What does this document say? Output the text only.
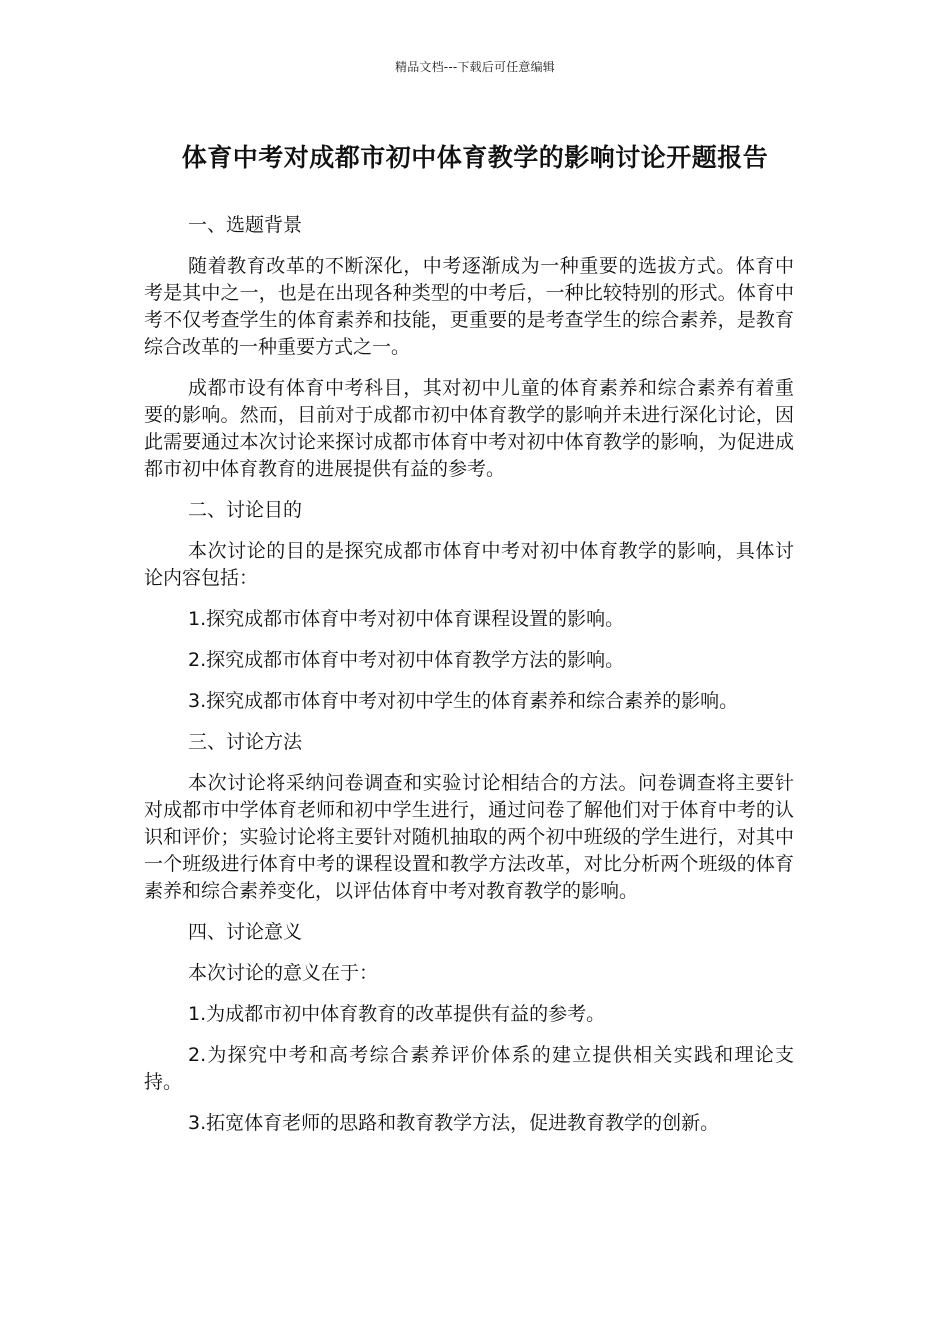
精品文档---下载后可任意编辑
体育中考对成都市初中体育教学的影响讨论开题报告

一、选题背景

随着教育改革的不断深化，中考逐渐成为一种重要的选拔方式。体育中考是其中之一，也是在出现各种类型的中考后，一种比较特别的形式。体育中考不仅考查学生的体育素养和技能，更重要的是考查学生的综合素养，是教育综合改革的一种重要方式之一。

成都市设有体育中考科目，其对初中儿童的体育素养和综合素养有着重要的影响。然而，目前对于成都市初中体育教学的影响并未进行深化讨论，因此需要通过本次讨论来探讨成都市体育中考对初中体育教学的影响，为促进成都市初中体育教育的进展提供有益的参考。

二、讨论目的

本次讨论的目的是探究成都市体育中考对初中体育教学的影响，具体讨论内容包括：

1.探究成都市体育中考对初中体育课程设置的影响。

2.探究成都市体育中考对初中体育教学方法的影响。

3.探究成都市体育中考对初中学生的体育素养和综合素养的影响。

三、讨论方法

本次讨论将采纳问卷调查和实验讨论相结合的方法。问卷调查将主要针对成都市中学体育老师和初中学生进行，通过问卷了解他们对于体育中考的认识和评价；实验讨论将主要针对随机抽取的两个初中班级的学生进行，对其中一个班级进行体育中考的课程设置和教学方法改革，对比分析两个班级的体育素养和综合素养变化，以评估体育中考对教育教学的影响。

四、讨论意义

本次讨论的意义在于：

1.为成都市初中体育教育的改革提供有益的参考。

2.为探究中考和高考综合素养评价体系的建立提供相关实践和理论支持。

3.拓宽体育老师的思路和教育教学方法，促进教育教学的创新。
